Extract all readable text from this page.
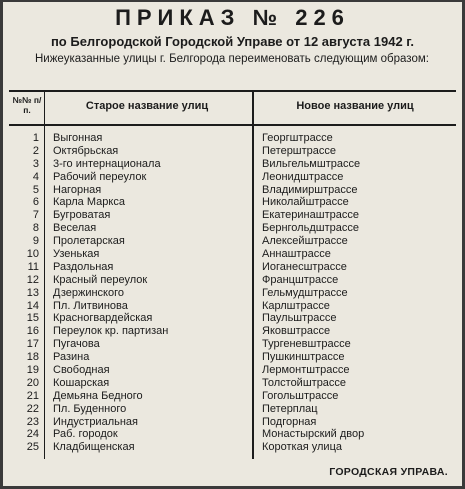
ПРИКАЗ № 226
по Белгородской Городской Управе от 12 августа 1942 г.
Нижеуказанные улицы г. Белгорода переименовать следующим образом:
№№ п/п.	Старое название улиц	Новое название улиц
1 Выгонная	Георгштрассе
2 Октябрьская	Петерштрассе
3 3-го интернационала	Вильгельмштрассе
4 Рабочий переулок	Леонидштрассе
5 Нагорная	Владимирштрассе
6 Карла Маркса	Николайштрассе
7 Бугроватая	Екатеринаштрассе
8 Веселая	Бернгольдштрассе
9 Пролетарская	Алексейштрассе
10 Узенькая	Аннаштрассе
11 Раздольная	Иоганесштрассе
12 Красный переулок	Францштрассе
13 Дзержинского	Гельмудштрассе
14 Пл. Литвинова	Карлштрассе
15 Красногвардейская	Паульштрассе
16 Переулок кр. партизан	Яковштрассе
17 Пугачова	Тургеневштрассе
18 Разина	Пушкинштрассе
19 Свободная	Лермонтштрассе
20 Кошарская	Толстойштрассе
21 Демьяна Бедного	Гогольштрассе
22 Пл. Буденного	Петерплац
23 Индустриальная	Подгорная
24 Раб. городок	Монастырский двор
25 Кладбищенская	Короткая улица
ГОРОДСКАЯ УПРАВА.
